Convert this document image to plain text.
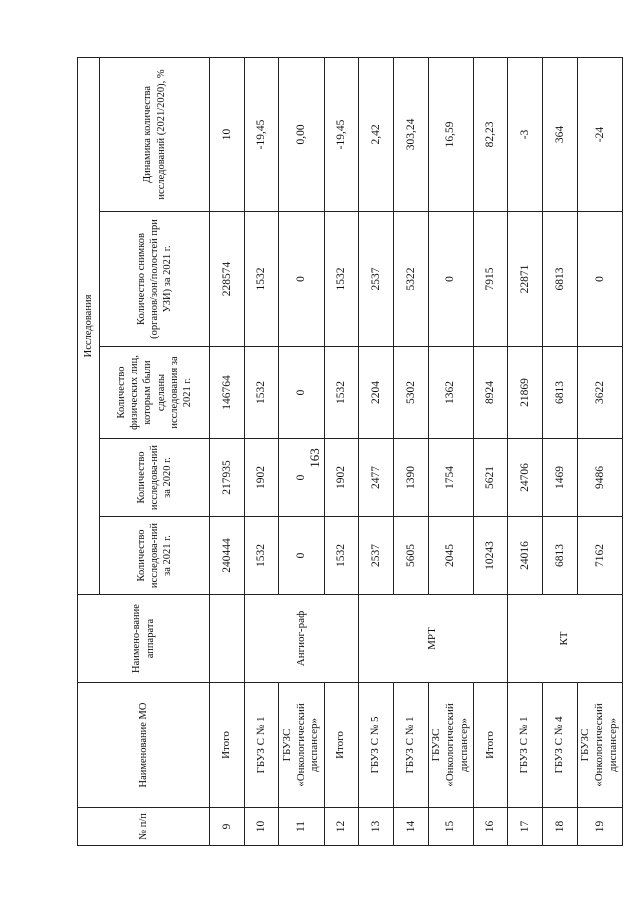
163
№ п/п	Наименование МО	Наимено-вание аппарата	Исследования				
			Количество исследова-ний за 2021 г.	Количество исследова-ний за 2020 г.	Количество физических лиц, которым были сделаны исследования за 2021 г.	Количество снимков (органов/зон/полостей при УЗИ) за 2021 г.	Динамика количества исследований (2021/2020), %
9	Итого		240444	217935	146764	228574	10
10	ГБУЗ С № 1	Ангиог-раф	1532	1902	1532	1532	-19,45
11	ГБУЗС «Онкологический диспансер»		0	0	0	0	0,00
12	Итого		1532	1902	1532	1532	-19,45
13	ГБУЗ С № 5	МРТ	2537	2477	2204	2537	2,42
14	ГБУЗ С № 1		5605	1390	5302	5322	303,24
15	ГБУЗС «Онкологический диспансер»		2045	1754	1362	0	16,59
16	Итого		10243	5621	8924	7915	82,23
17	ГБУЗ С № 1	КТ	24016	24706	21869	22871	-3
18	ГБУЗ С № 4		6813	1469	6813	6813	364
19	ГБУЗС «Онкологический диспансер»		7162	9486	3622	0	-24
